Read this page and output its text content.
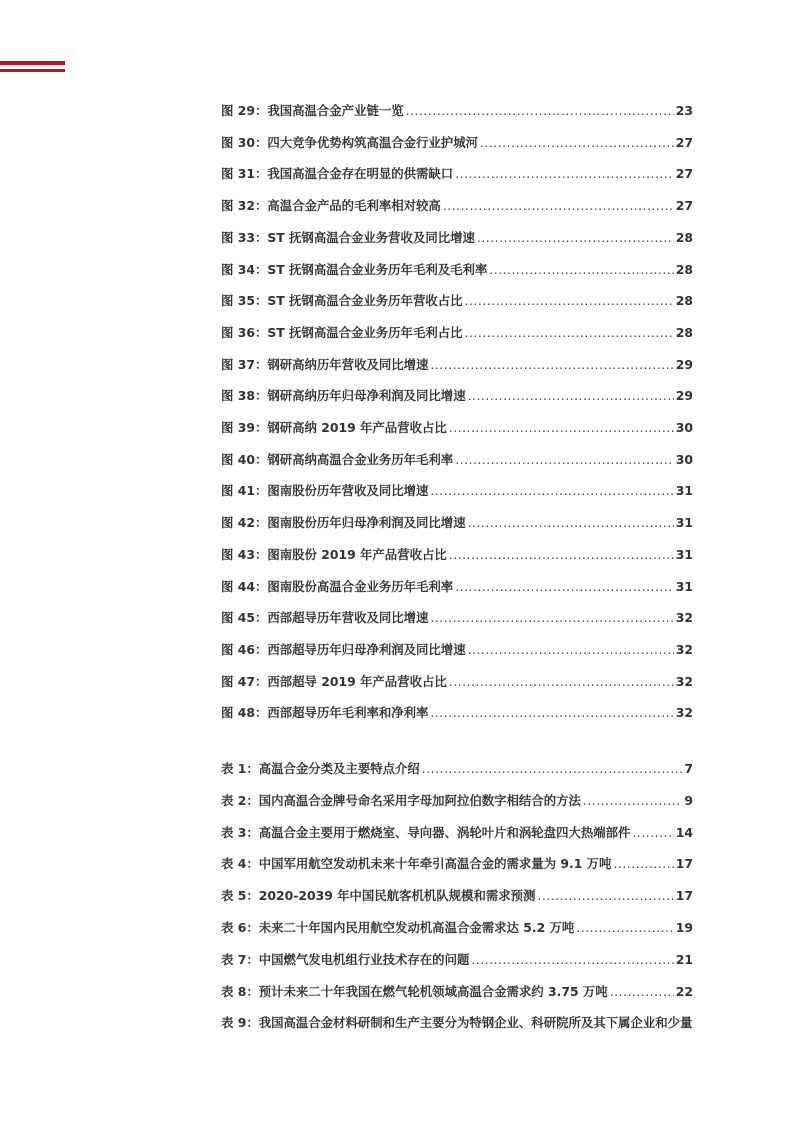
图 29 ： 我国高温合金产业链一览 .....	23
图 30 ： 四大竞争优势构筑高温合金行业护城河 .....	27
图 31 ： 我国高温合金存在明显的供需缺口 .....	27
图 32 ： 高温合金产品的毛利率相对较高 .....	27
图 33 ： ST 抚钢高温合金业务营收及同比增速 .....	28
图 34 ： ST 抚钢高温合金业务历年毛利及毛利率 .....	28
图 35 ： ST 抚钢高温合金业务历年营收占比 .....	28
图 36 ： ST 抚钢高温合金业务历年毛利占比 .....	28
图 37 ： 钢研高纳历年营收及同比增速 .....	29
图 38 ： 钢研高纳历年归母净利润及同比增速 .....	29
图 39 ： 钢研高纳 2019 年产品营收占比 .....	30
图 40 ： 钢研高纳高温合金业务历年毛利率 .....	30
图 41 ： 图南股份历年营收及同比增速 .....	31
图 42 ： 图南股份历年归母净利润及同比增速 .....	31
图 43 ： 图南股份 2019 年产品营收占比 .....	31
图 44 ： 图南股份高温合金业务历年毛利率 .....	31
图 45 ： 西部超导历年营收及同比增速 .....	32
图 46 ： 西部超导历年归母净利润及同比增速 .....	32
图 47 ： 西部超导 2019 年产品营收占比 .....	32
图 48 ： 西部超导历年毛利率和净利率 .....	32
表 1 ： 高温合金分类及主要特点介绍 .....	7
表 2 ： 国内高温合金牌号命名采用字母加阿拉伯数字相结合的方法 .....	9
表 3 ： 高温合金主要用于燃烧室、导向器、涡轮叶片和涡轮盘四大热端部件 .....	14
表 4 ： 中国军用航空发动机未来十年牵引高温合金的需求量为 9.1 万吨 .....	17
表 5 ： 2020-2039 年中国民航客机机队规模和需求预测 .....	17
表 6 ： 未来二十年国内民用航空发动机高温合金需求达 5.2 万吨 .....	19
表 7 ： 中国燃气发电机组行业技术存在的问题 .....	21
表 8 ： 预计未来二十年我国在燃气轮机领域高温合金需求约 3.75 万吨 .....	22
表 9 ： 我国高温合金材料研制和生产主要分为特钢企业、科研院所及其下属企业和少量
·
